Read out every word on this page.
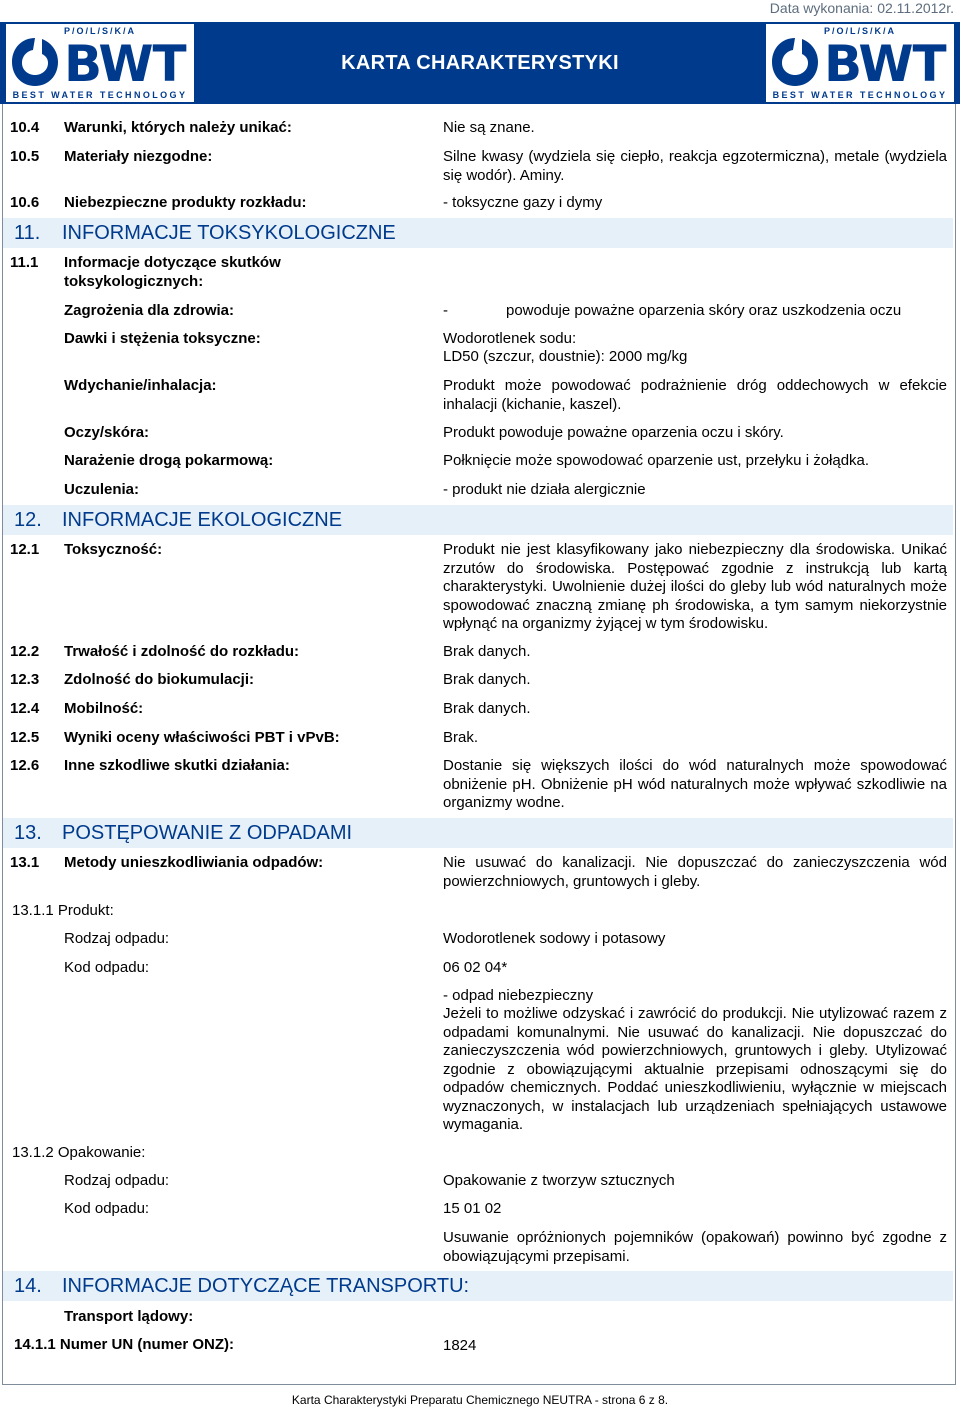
Data wykonania: 02.11.2012r.
KARTA CHARAKTERYSTYKI
P/O/L/S/K/A
BWT
BEST WATER TECHNOLOGY
P/O/L/S/K/A
BWT
BEST WATER TECHNOLOGY
10.4 Warunki, których należy unikać:	Nie są znane.
10.5 Materiały niezgodne:	Silne kwasy (wydziela się ciepło, reakcja egzotermiczna), metale (wydziela się wodór). Aminy.
10.6 Niebezpieczne produkty rozkładu:	- toksyczne gazy i dymy
11. INFORMACJE TOKSYKOLOGICZNE
11.1 Informacje dotyczące skutków toksykologicznych:
Zagrożenia dla zdrowia:	-	powoduje poważne oparzenia skóry oraz uszkodzenia oczu
Dawki i stężenia toksyczne:	Wodorotlenek sodu:
LD50 (szczur, doustnie): 2000 mg/kg
Wdychanie/inhalacja:	Produkt może powodować podrażnienie dróg oddechowych w efekcie inhalacji (kichanie, kaszel).
Oczy/skóra:	Produkt powoduje poważne oparzenia oczu i skóry.
Narażenie drogą pokarmową:	Połknięcie może spowodować oparzenie ust, przełyku i żołądka.
Uczulenia:	- produkt nie działa alergicznie
12. INFORMACJE EKOLOGICZNE
12.1 Toksyczność:	Produkt nie jest klasyfikowany jako niebezpieczny dla środowiska. Unikać zrzutów do środowiska. Postępować zgodnie z instrukcją lub kartą charakterystyki. Uwolnienie dużej ilości do gleby lub wód naturalnych może spowodować znaczną zmianę ph środowiska, a tym samym niekorzystnie wpłynąć na organizmy żyjącej w tym środowisku.
12.2 Trwałość i zdolność do rozkładu:	Brak danych.
12.3 Zdolność do biokumulacji:	Brak danych.
12.4 Mobilność:	Brak danych.
12.5 Wyniki oceny właściwości PBT i vPvB:	Brak.
12.6 Inne szkodliwe skutki działania:	Dostanie się większych ilości do wód naturalnych może spowodować obniżenie pH. Obniżenie pH wód naturalnych może wpływać szkodliwie na organizmy wodne.
13. POSTĘPOWANIE Z ODPADAMI
13.1 Metody unieszkodliwiania odpadów:	Nie usuwać do kanalizacji. Nie dopuszczać do zanieczyszczenia wód powierzchniowych, gruntowych i gleby.
13.1.1 Produkt:
Rodzaj odpadu:	Wodorotlenek sodowy i potasowy
Kod odpadu:	06 02 04*
- odpad niebezpieczny
Jeżeli to możliwe odzyskać i zawrócić do produkcji. Nie utylizować razem z odpadami komunalnymi. Nie usuwać do kanalizacji. Nie dopuszczać do zanieczyszczenia wód powierzchniowych, gruntowych i gleby. Utylizować zgodnie z obowiązującymi aktualnie przepisami odnoszącymi się do odpadów chemicznych. Poddać unieszkodliwieniu, wyłącznie w miejscach wyznaczonych, w instalacjach lub urządzeniach spełniających ustawowe wymagania.
13.1.2 Opakowanie:
Rodzaj odpadu:	Opakowanie z tworzyw sztucznych
Kod odpadu:	15 01 02
Usuwanie opróżnionych pojemników (opakowań) powinno być zgodne z obowiązującymi przepisami.
14. INFORMACJE DOTYCZĄCE TRANSPORTU:
Transport lądowy:
14.1.1 Numer UN (numer ONZ):	1824
Karta Charakterystyki Preparatu Chemicznego NEUTRA - strona 6 z 8.
